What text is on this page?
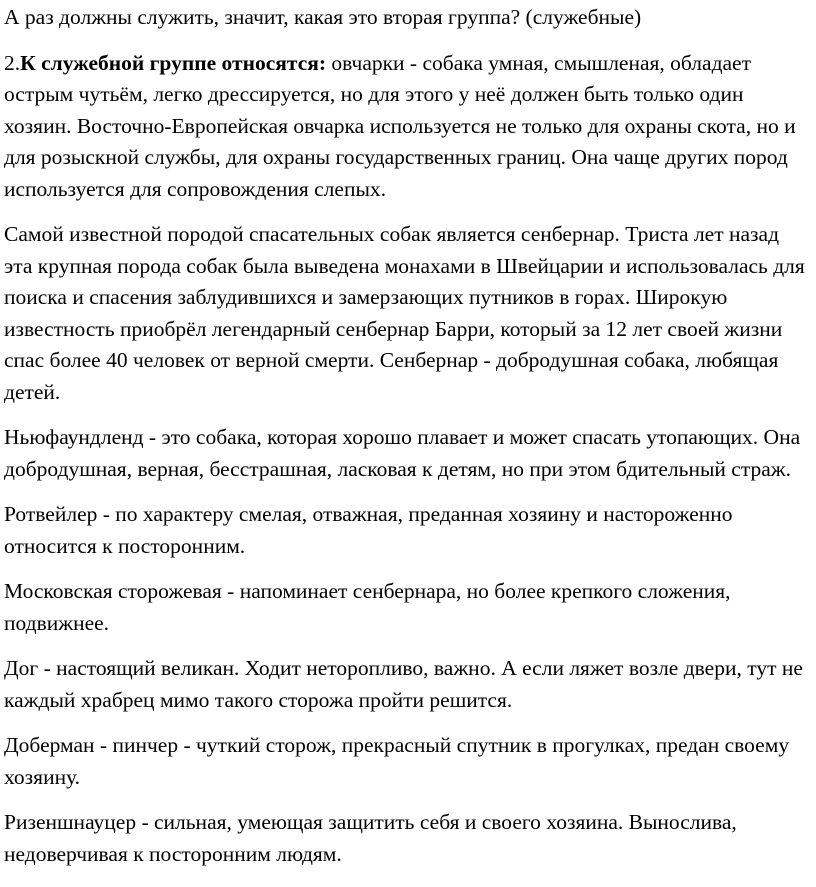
А раз должны служить, значит, какая это вторая группа? (служебные)

2.К служебной группе относятся: овчарки - собака умная, смышленая, обладает острым чутьём, легко дрессируется, но для этого у неё должен быть только один хозяин. Восточно-Европейская овчарка используется не только для охраны скота, но и для розыскной службы, для охраны государственных границ. Она чаще других пород используется для сопровождения слепых.

Самой известной породой спасательных собак является сенбернар. Триста лет назад эта крупная порода собак была выведена монахами в Швейцарии и использовалась для поиска и спасения заблудившихся и замерзающих путников в горах. Широкую известность приобрёл легендарный сенбернар Барри, который за 12 лет своей жизни спас более 40 человек от верной смерти. Сенбернар - добродушная собака, любящая детей.

Ньюфаундленд - это собака, которая хорошо плавает и может спасать утопающих. Она добродушная, верная, бесстрашная, ласковая к детям, но при этом бдительный страж.

Ротвейлер - по характеру смелая, отважная, преданная хозяину и настороженно относится к посторонним.

Московская сторожевая - напоминает сенбернара, но более крепкого сложения, подвижнее.

Дог - настоящий великан. Ходит неторопливо, важно. А если ляжет возле двери, тут не каждый храбрец мимо такого сторожа пройти решится.

Доберман - пинчер - чуткий сторож, прекрасный спутник в прогулках, предан своему хозяину.

Ризеншнауцер - сильная, умеющая защитить себя и своего хозяина. Вынослива, недоверчивая к посторонним людям.
